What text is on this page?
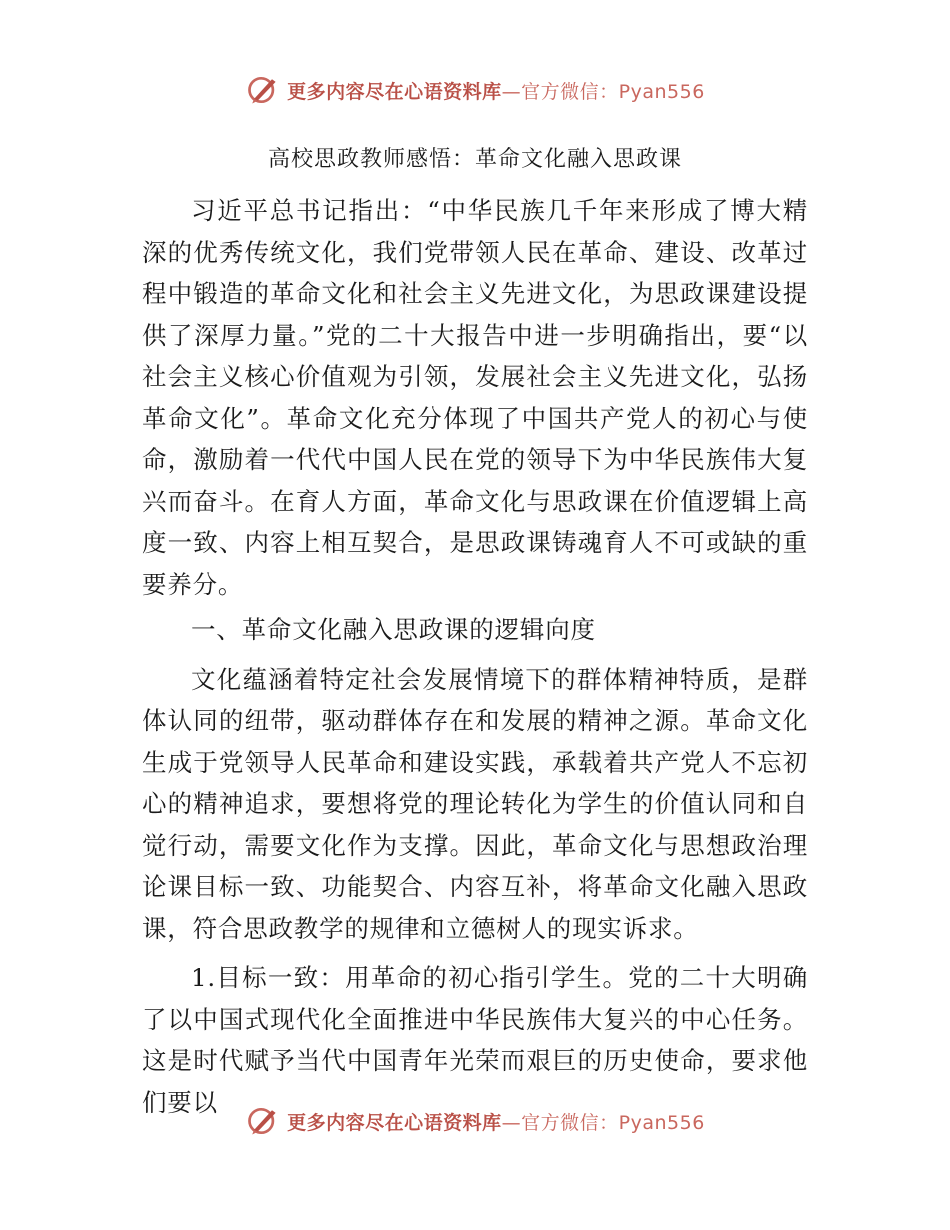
更多内容尽在心语资料库—官方微信：Pyan556
高校思政教师感悟：革命文化融入思政课

习近平总书记指出：“中华民族几千年来形成了博大精深的优秀传统文化，我们党带领人民在革命、建设、改革过程中锻造的革命文化和社会主义先进文化，为思政课建设提供了深厚力量。”党的二十大报告中进一步明确指出，要“以社会主义核心价值观为引领，发展社会主义先进文化，弘扬革命文化”。革命文化充分体现了中国共产党人的初心与使命，激励着一代代中国人民在党的领导下为中华民族伟大复兴而奋斗。在育人方面，革命文化与思政课在价值逻辑上高度一致、内容上相互契合，是思政课铸魂育人不可或缺的重要养分。

一、革命文化融入思政课的逻辑向度

文化蕴涵着特定社会发展情境下的群体精神特质，是群体认同的纽带，驱动群体存在和发展的精神之源。革命文化生成于党领导人民革命和建设实践，承载着共产党人不忘初心的精神追求，要想将党的理论转化为学生的价值认同和自觉行动，需要文化作为支撑。因此，革命文化与思想政治理论课目标一致、功能契合、内容互补，将革命文化融入思政课，符合思政教学的规律和立德树人的现实诉求。

1.目标一致：用革命的初心指引学生。党的二十大明确了以中国式现代化全面推进中华民族伟大复兴的中心任务。这是时代赋予当代中国青年光荣而艰巨的历史使命，要求他们要以

更多内容尽在心语资料库—官方微信：Pyan556
